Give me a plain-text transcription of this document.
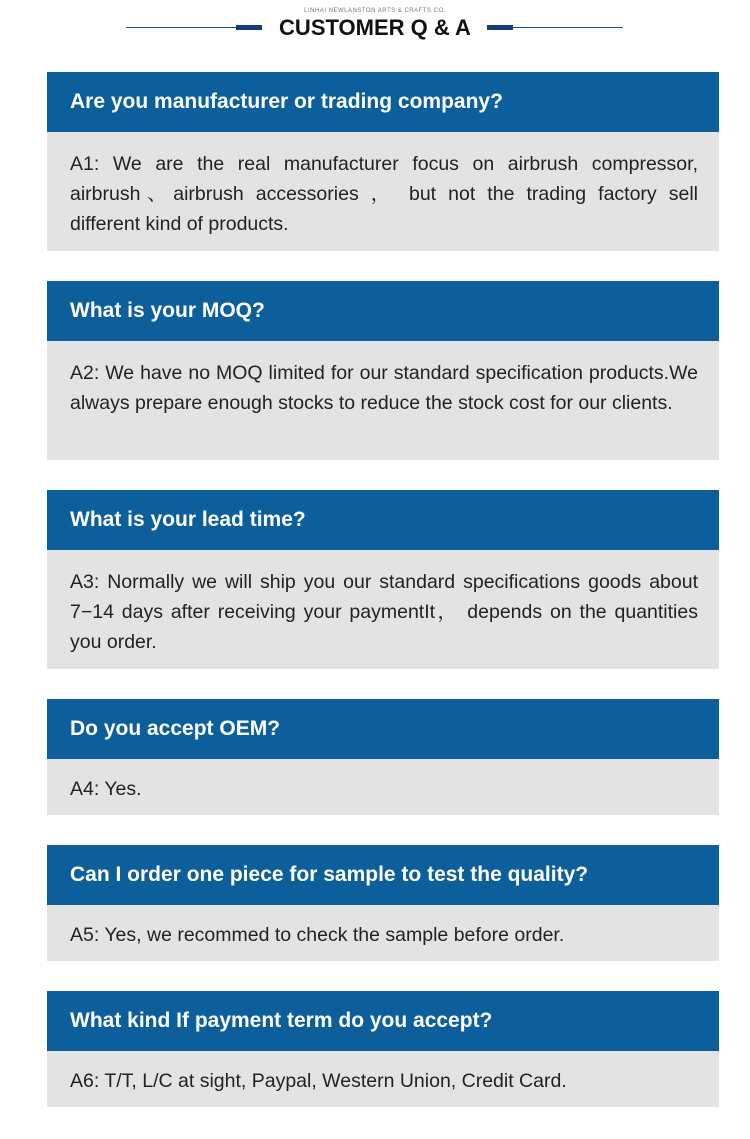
LINHAI NEWLANSTON ARTS & CRAFTS CO.
CUSTOMER Q & A
Are you manufacturer or trading company?
A1: We are the real manufacturer focus on airbrush compressor, airbrush、airbrush accessories ， but not the trading factory sell different kind of products.
What is your MOQ?
A2: We have no MOQ limited for our standard specification products.We always prepare enough stocks to reduce the stock cost for our clients.
What is your lead time?
A3: Normally we will ship you our standard specifications goods about 7−14 days after receiving your paymentIt， depends on the quantities you order.
Do you accept OEM?
A4: Yes.
Can I order one piece for sample to test the quality?
A5: Yes, we recommed to check the sample before order.
What kind If payment term do you accept?
A6: T/T, L/C at sight, Paypal, Western Union, Credit Card.
